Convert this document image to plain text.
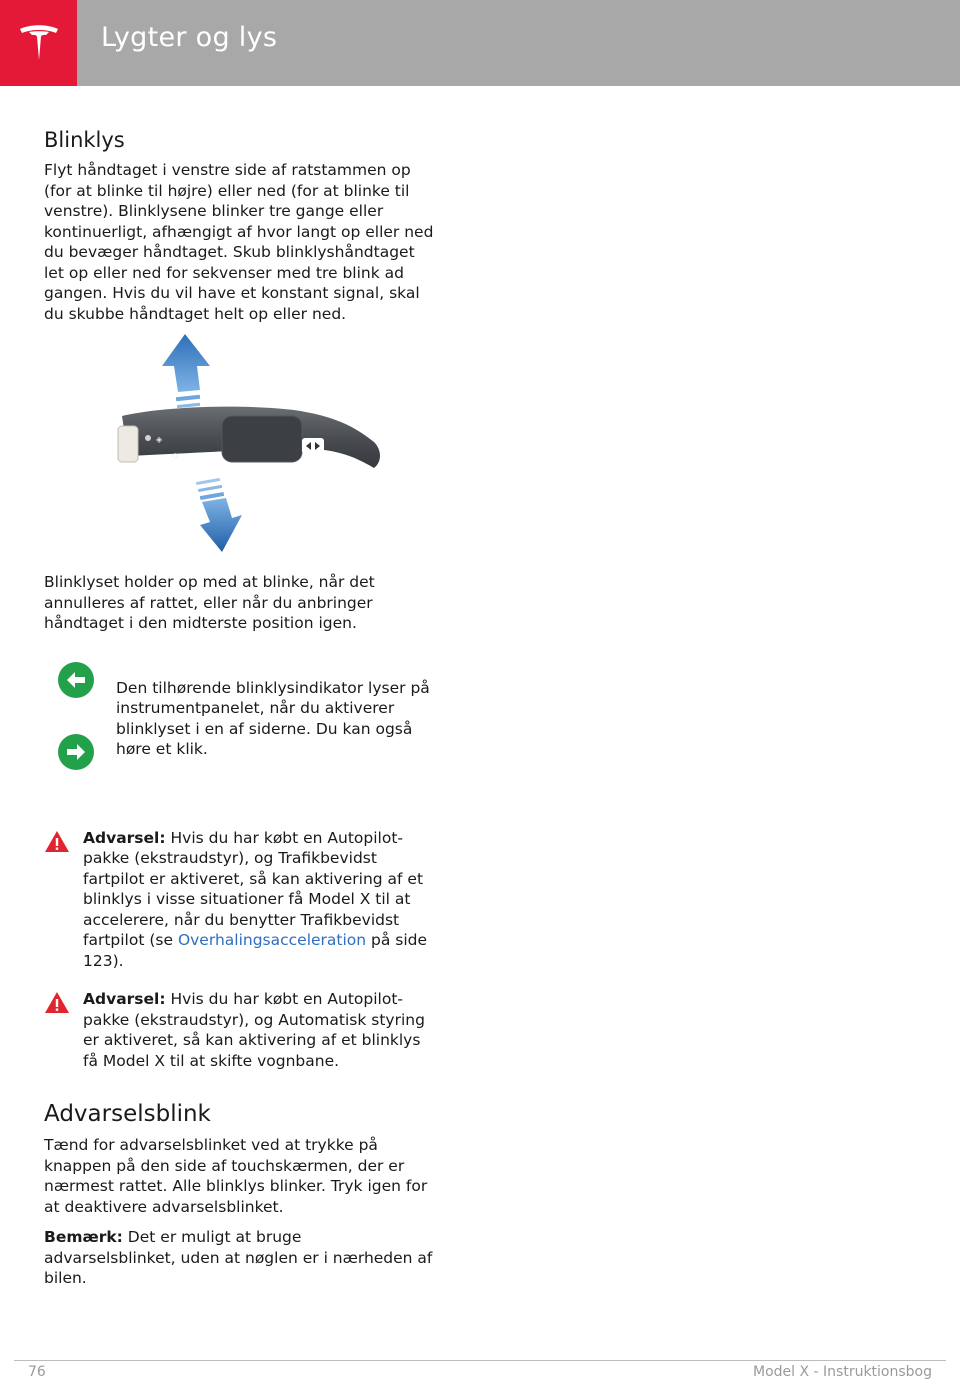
Lygter og lys
Blinklys

Flyt håndtaget i venstre side af ratstammen op (for at blinke til højre) eller ned (for at blinke til venstre). Blinklysene blinker tre gange eller kontinuerligt, afhængigt af hvor langt op eller ned du bevæger håndtaget. Skub blinklyshåndtaget let op eller ned for sekvenser med tre blink ad gangen. Hvis du vil have et konstant signal, skal du skubbe håndtaget helt op eller ned.

◈
◇

Blinklyset holder op med at blinke, når det annulleres af rattet, eller når du anbringer håndtaget i den midterste position igen.

Den tilhørende blinklysindikator lyser på instrumentpanelet, når du aktiverer blinklyset i en af siderne. Du kan også høre et klik.

Advarsel: Hvis du har købt en Autopilot-pakke (ekstraudstyr), og Trafikbevidst fartpilot er aktiveret, så kan aktivering af et blinklys i visse situationer få Model X til at accelerere, når du benytter Trafikbevidst fartpilot (se Overhalingsacceleration på side 123).

Advarsel: Hvis du har købt en Autopilot-pakke (ekstraudstyr), og Automatisk styring er aktiveret, så kan aktivering af et blinklys få Model X til at skifte vognbane.

Advarselsblink

Tænd for advarselsblinket ved at trykke på knappen på den side af touchskærmen, der er nærmest rattet. Alle blinklys blinker. Tryk igen for at deaktivere advarselsblinket.

Bemærk: Det er muligt at bruge advarselsblinket, uden at nøglen er i nærheden af bilen.

76	Model X - Instruktionsbog
